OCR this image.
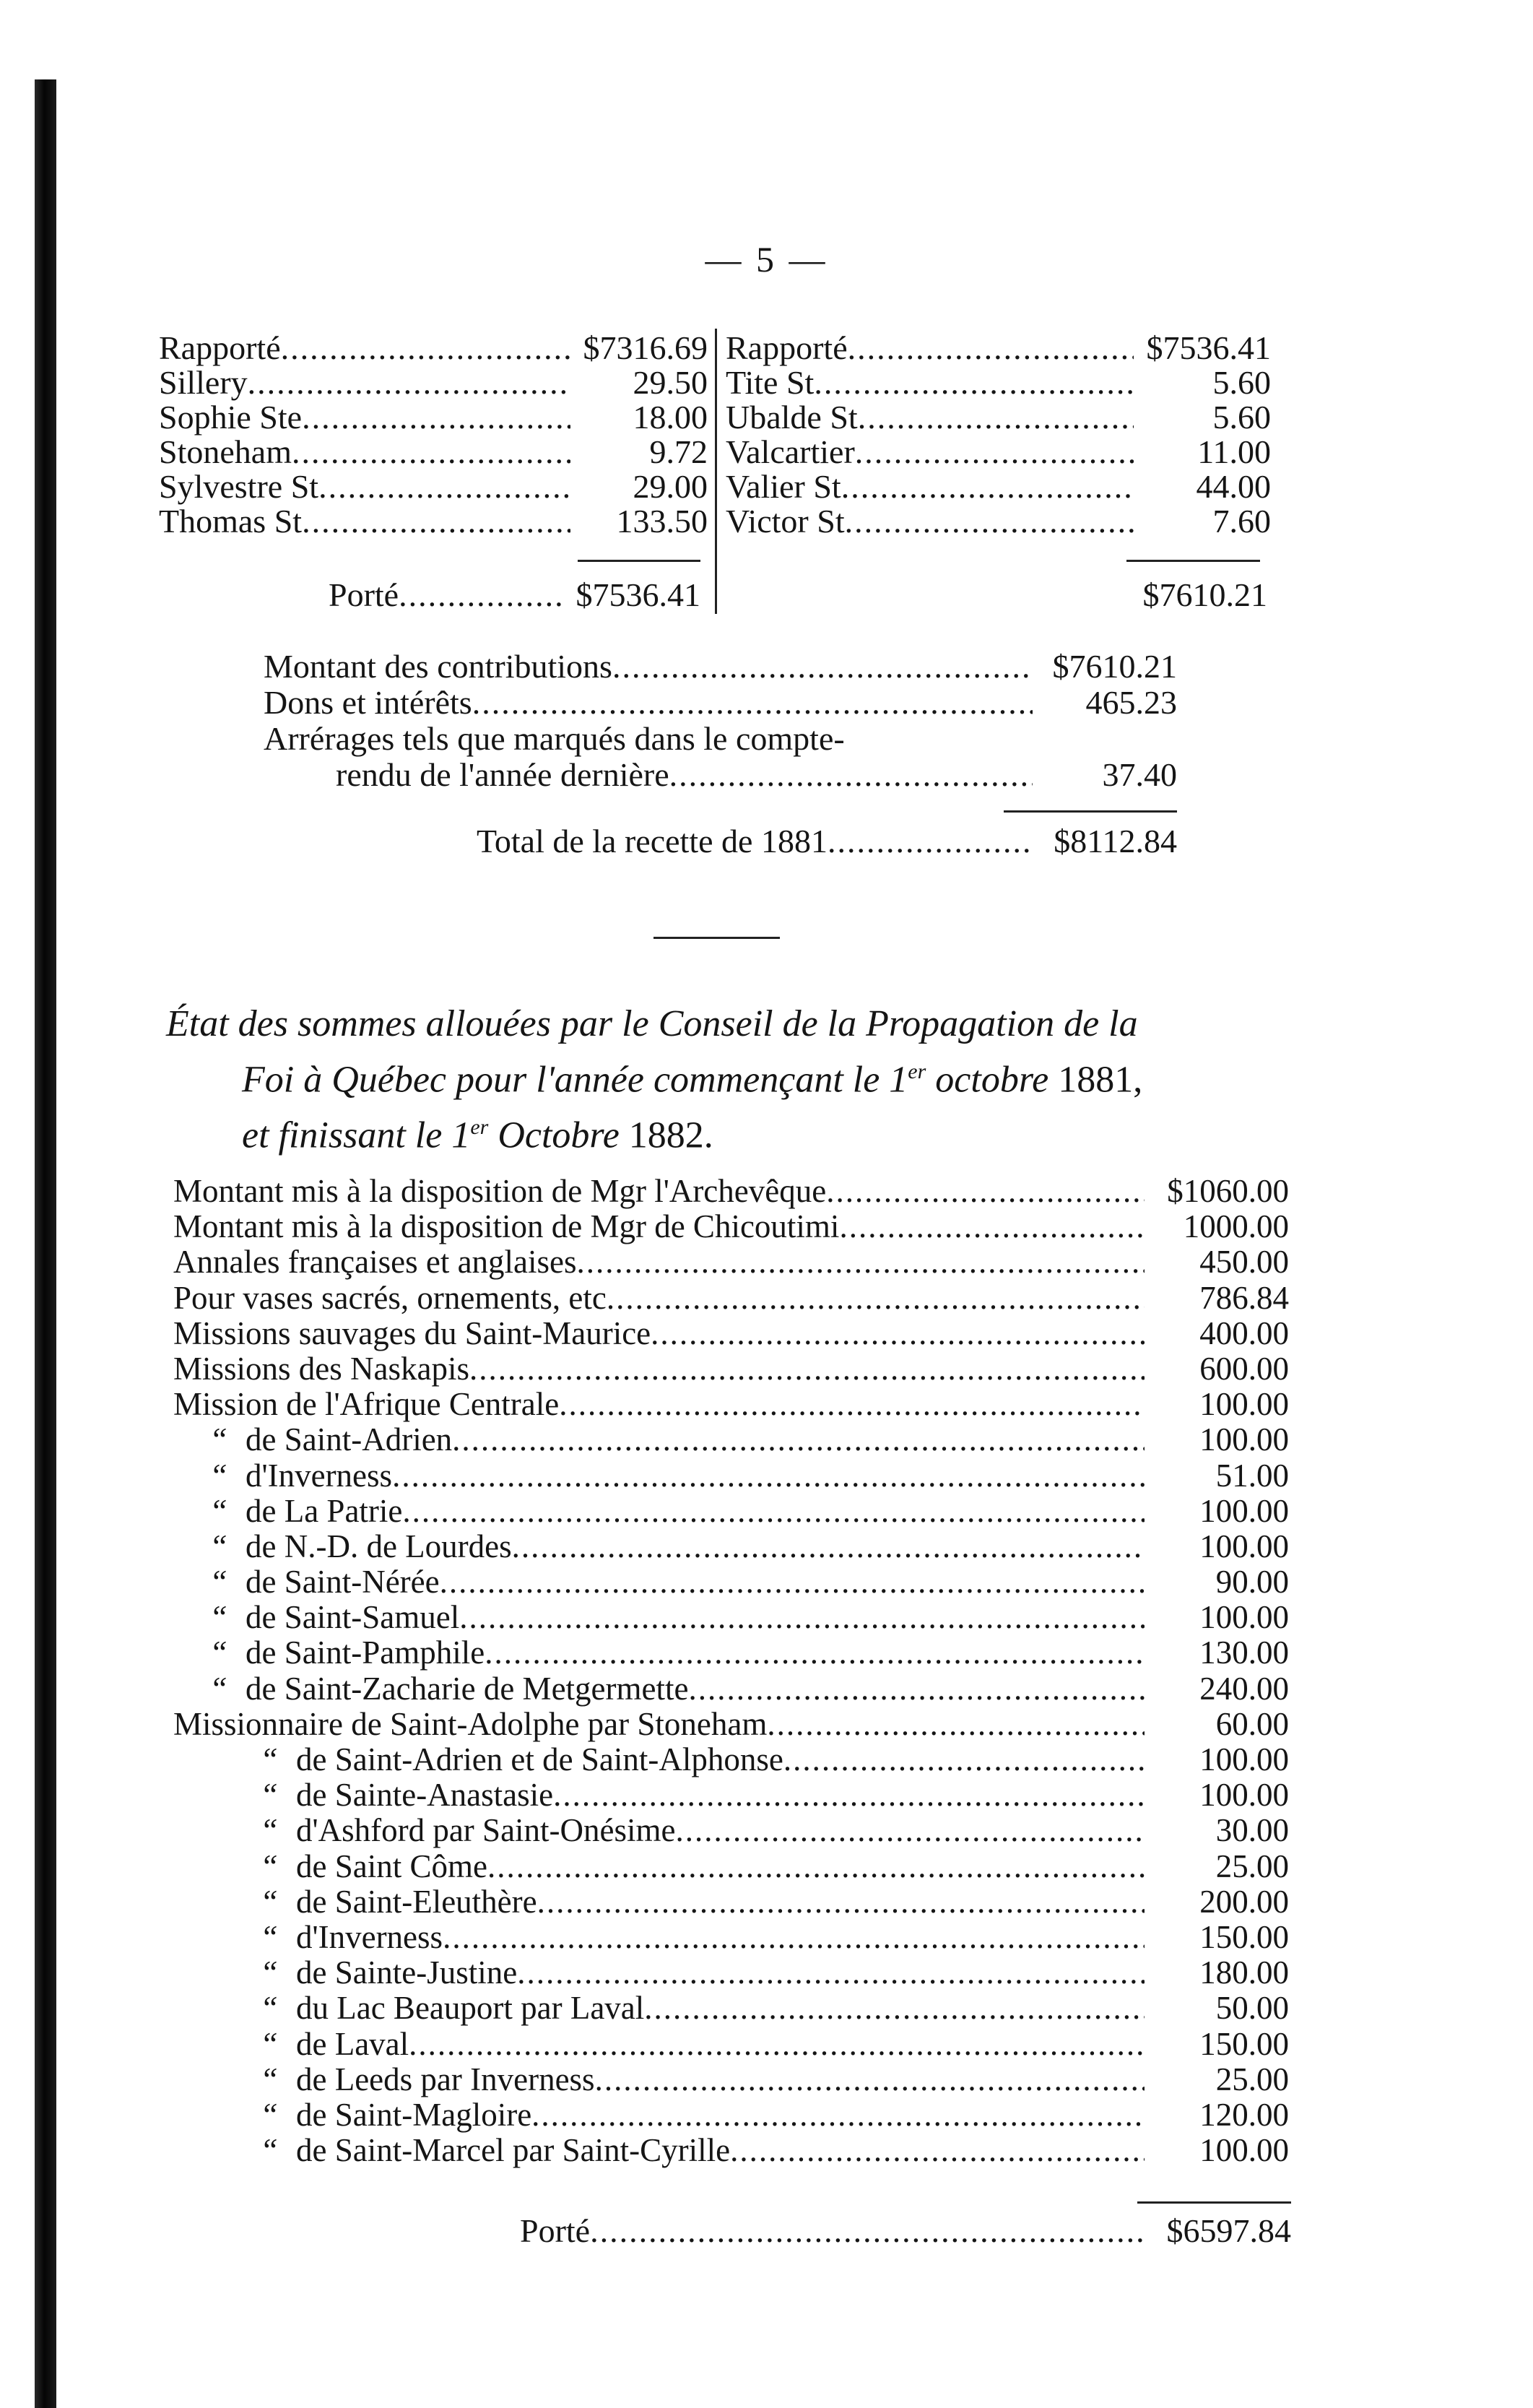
— 5 —
Rapporté .....	$7316.69
Sillery .....	29.50
Sophie Ste .....	18.00
Stoneham .....	9.72
Sylvestre St .....	29.00
Thomas St .....	133.50
Rapporté .....	$7536.41
Tite St .....	5.60
Ubalde St .....	5.60
Valcartier .....	11.00
Valier St .....	44.00
Victor St .....	7.60
Porté .....	$7536.41	$7610.21
Montant des contributions .....	$7610.21
Dons et intérêts .....	465.23
Arrérages tels que marqués dans le compte-
rendu de l'année dernière .....	37.40
Total de la recette de 1881 .....	$8112.84
État des sommes allouées par le Conseil de la Propagation de la
Foi à Québec pour l'année commençant le 1er octobre 1881,
et finissant le 1er Octobre 1882.
Montant mis à la disposition de Mgr l'Archevêque .....	$1060.00
Montant mis à la disposition de Mgr de Chicoutimi .....	1000.00
Annales françaises et anglaises .....	450.00
Pour vases sacrés, ornements, etc .....	786.84
Missions sauvages du Saint-Maurice .....	400.00
Missions des Naskapis .....	600.00
Mission de l'Afrique Centrale .....	100.00
“ de Saint-Adrien .....	100.00
“ d'Inverness .....	51.00
“ de La Patrie .....	100.00
“ de N.-D. de Lourdes .....	100.00
“ de Saint-Nérée .....	90.00
“ de Saint-Samuel .....	100.00
“ de Saint-Pamphile .....	130.00
“ de Saint-Zacharie de Metgermette .....	240.00
Missionnaire de Saint-Adolphe par Stoneham .....	60.00
“ de Saint-Adrien et de Saint-Alphonse .....	100.00
“ de Sainte-Anastasie .....	100.00
“ d'Ashford par Saint-Onésime .....	30.00
“ de Saint Côme .....	25.00
“ de Saint-Eleuthère .....	200.00
“ d'Inverness .....	150.00
“ de Sainte-Justine .....	180.00
“ du Lac Beauport par Laval .....	50.00
“ de Laval .....	150.00
“ de Leeds par Inverness .....	25.00
“ de Saint-Magloire .....	120.00
“ de Saint-Marcel par Saint-Cyrille .....	100.00
Porté .....	$6597.84
